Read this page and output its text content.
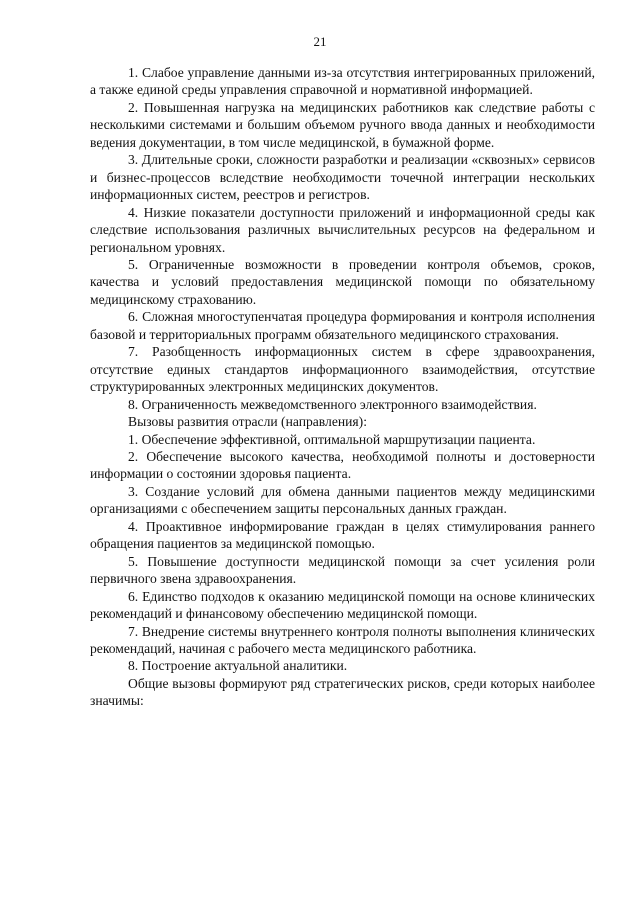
21

1. Слабое управление данными из-за отсутствия интегрированных приложений, а также единой среды управления справочной и нормативной информацией.

2. Повышенная нагрузка на медицинских работников как следствие работы с несколькими системами и большим объемом ручного ввода данных и необходимости ведения документации, в том числе медицинской, в бумажной форме.

3. Длительные сроки, сложности разработки и реализации «сквозных» сервисов и бизнес-процессов вследствие необходимости точечной интеграции нескольких информационных систем, реестров и регистров.

4. Низкие показатели доступности приложений и информационной среды как следствие использования различных вычислительных ресурсов на федеральном и региональном уровнях.

5. Ограниченные возможности в проведении контроля объемов, сроков, качества и условий предоставления медицинской помощи по обязательному медицинскому страхованию.

6. Сложная многоступенчатая процедура формирования и контроля исполнения базовой и территориальных программ обязательного медицинского страхования.

7. Разобщенность информационных систем в сфере здравоохранения, отсутствие единых стандартов информационного взаимодействия, отсутствие структурированных электронных медицинских документов.

8. Ограниченность межведомственного электронного взаимодействия.

Вызовы развития отрасли (направления):

1. Обеспечение эффективной, оптимальной маршрутизации пациента.

2. Обеспечение высокого качества, необходимой полноты и достоверности информации о состоянии здоровья пациента.

3. Создание условий для обмена данными пациентов между медицинскими организациями с обеспечением защиты персональных данных граждан.

4. Проактивное информирование граждан в целях стимулирования раннего обращения пациентов за медицинской помощью.

5. Повышение доступности медицинской помощи за счет усиления роли первичного звена здравоохранения.

6. Единство подходов к оказанию медицинской помощи на основе клинических рекомендаций и финансовому обеспечению медицинской помощи.

7. Внедрение системы внутреннего контроля полноты выполнения клинических рекомендаций, начиная с рабочего места медицинского работника.

8. Построение актуальной аналитики.

Общие вызовы формируют ряд стратегических рисков, среди которых наиболее значимы:
